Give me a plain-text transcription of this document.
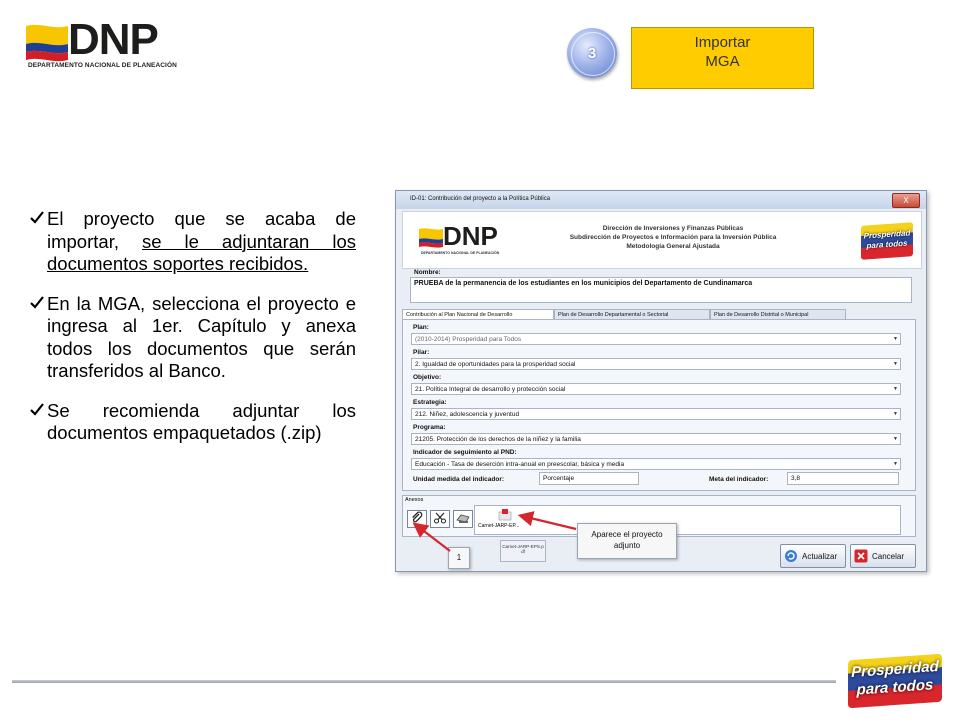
DNP
DEPARTAMENTO NACIONAL DE PLANEACIÓN
3
Importar
MGA
El proyecto que se acaba de importar, se le adjuntaran los documentos soportes recibidos.
En la MGA, selecciona el proyecto e ingresa al 1er. Capítulo y anexa todos los documentos que serán transferidos al Banco.
Se recomienda adjuntar los documentos empaquetados (.zip)
ID-01: Contribución del proyecto a la Política Pública	X
DNP
DEPARTAMENTO NACIONAL DE PLANEACIÓN
Dirección de Inversiones y Finanzas Públicas
Subdirección de Proyectos e Información para la Inversión Pública
Metodología General Ajustada
Prosperidad
para todos
Nombre:
PRUEBA de la permanencia de los estudiantes en los municipios del Departamento de Cundinamarca
Contribución al Plan Nacional de Desarrollo	Plan de Desarrollo Departamental o Sectorial	Plan de Desarrollo Distrital o Municipal
Plan:
(2010-2014) Prosperidad para Todos	▼
Pilar:
2. Igualdad de oportunidades para la prosperidad social	▼
Objetivo:
21. Política Integral de desarrollo y protección social	▼
Estrategia:
212. Niñez, adolescencia y juventud	▼
Programa:
21205. Protección de los derechos de la niñez y la familia	▼
Indicador de seguimiento al PND:
Educación - Tasa de deserción intra-anual en preescolar, básica y media	▼
Unidad medida del indicador:	Porcentaje	Meta del indicador:	3,8
Anexos
Carnet-JARP-EP...
Carnet-JARP-EPS.pdf	Actualizar	Cancelar
Aparece el proyecto adjunto
1
Prosperidad
para todos
